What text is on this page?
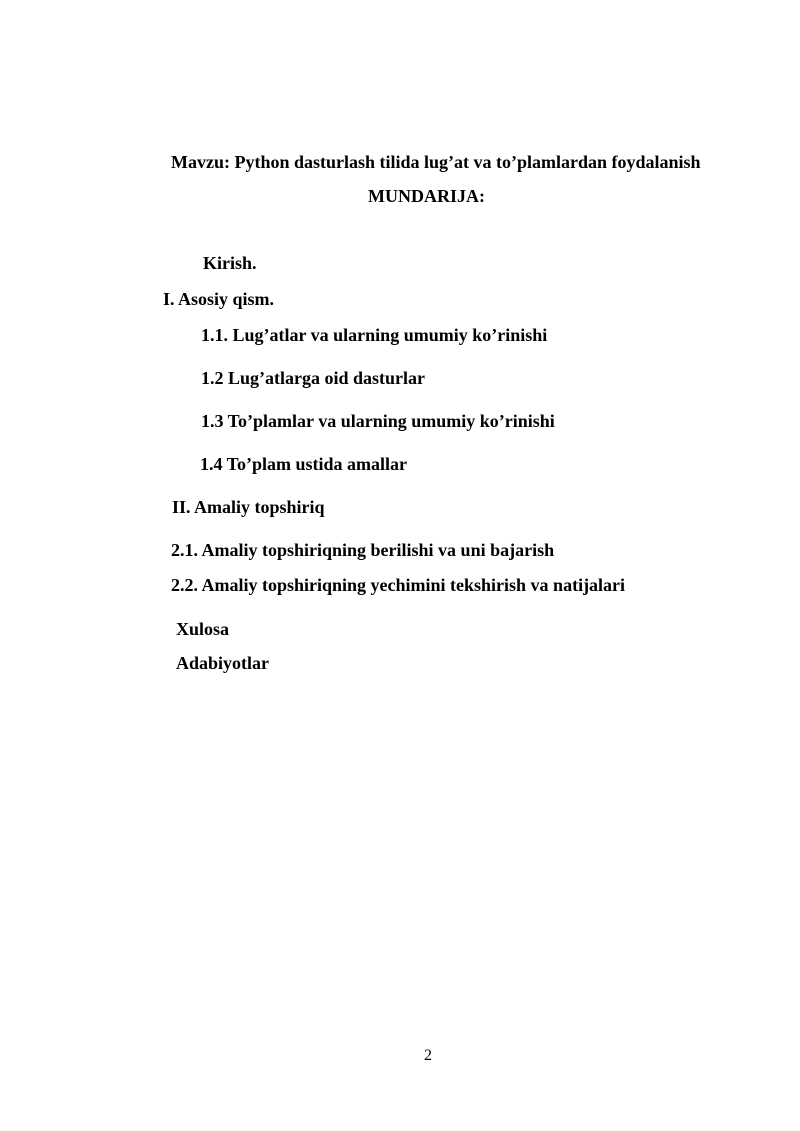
Mavzu: Python dasturlash tilida lug’at va to’plamlardan foydalanish
MUNDARIJA:
Kirish.
I. Asosiy qism.
1.1. Lug’atlar va ularning umumiy ko’rinishi
1.2 Lug’atlarga oid dasturlar
1.3 To’plamlar va ularning umumiy ko’rinishi
1.4 To’plam ustida amallar
II. Amaliy topshiriq
2.1. Amaliy topshiriqning berilishi va uni bajarish
2.2. Amaliy topshiriqning yechimini tekshirish va natijalari
Xulosa
Adabiyotlar
2
